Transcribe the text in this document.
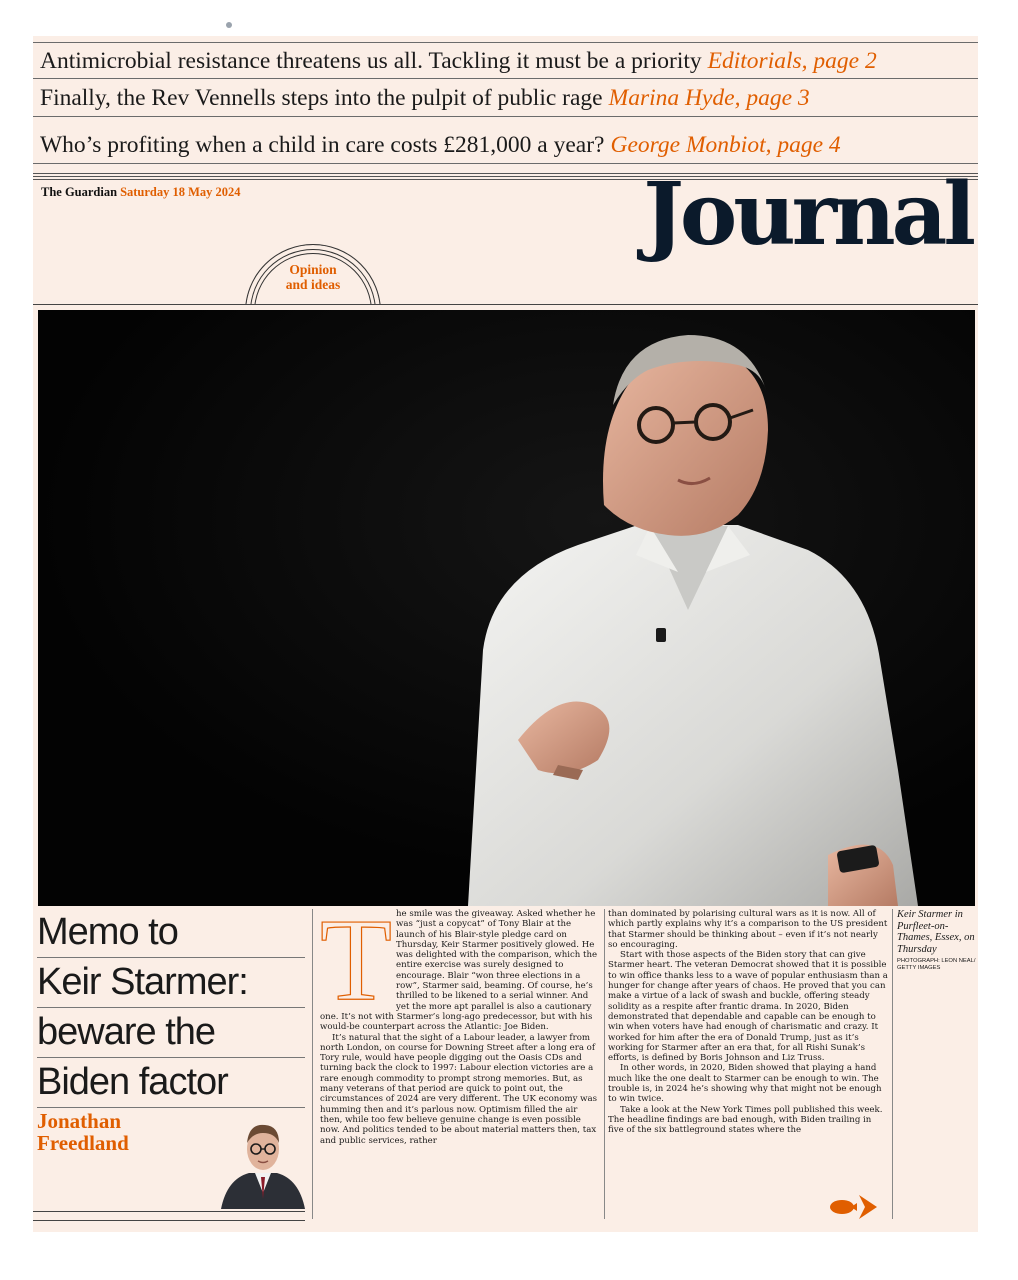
Antimicrobial resistance threatens us all. Tackling it must be a priority Editorials, page 2
Finally, the Rev Vennells steps into the pulpit of public rage Marina Hyde, page 3
Who’s profiting when a child in care costs £281,000 a year? George Monbiot, page 4
The Guardian Saturday 18 May 2024	Journal
Opinion
and ideas
Memo to
Keir Starmer:
beware the
Biden factor
Jonathan
Freedland
T he smile was the giveaway. Asked whether he was “just a copycat” of Tony Blair at the launch of his Blair-style pledge card on Thursday, Keir Starmer positively glowed. He was delighted with the comparison, which the entire exercise was surely designed to encourage. Blair “won three elections in a row”, Starmer said, beaming. Of course, he’s thrilled to be likened to a serial winner. And yet the more apt parallel is also a cautionary one. It’s not with Starmer’s long-ago predecessor, but with his would-be counterpart across the Atlantic: Joe Biden.

It’s natural that the sight of a Labour leader, a lawyer from north London, on course for Downing Street after a long era of Tory rule, would have people digging out the Oasis CDs and turning back the clock to 1997: Labour election victories are a rare enough commodity to prompt strong memories. But, as many veterans of that period are quick to point out, the circumstances of 2024 are very different. The UK economy was humming then and it’s parlous now. Optimism filled the air then, while too few believe genuine change is even possible now. And politics tended to be about material matters then, tax and public services, rather

than dominated by polarising cultural wars as it is now. All of which partly explains why it’s a comparison to the US president that Starmer should be thinking about – even if it’s not nearly so encouraging.

Start with those aspects of the Biden story that can give Starmer heart. The veteran Democrat showed that it is possible to win office thanks less to a wave of popular enthusiasm than a hunger for change after years of chaos. He proved that you can make a virtue of a lack of swash and buckle, offering steady solidity as a respite after frantic drama. In 2020, Biden demonstrated that dependable and capable can be enough to win when voters have had enough of charismatic and crazy. It worked for him after the era of Donald Trump, just as it’s working for Starmer after an era that, for all Rishi Sunak’s efforts, is defined by Boris Johnson and Liz Truss.

In other words, in 2020, Biden showed that playing a hand much like the one dealt to Starmer can be enough to win. The trouble is, in 2024 he’s showing why that might not be enough to win twice.

Take a look at the New York Times poll published this week. The headline findings are bad enough, with Biden trailing in five of the six battleground states where the

Keir Starmer in Purfleet-on-Thames, Essex, on Thursday
PHOTOGRAPH: LEON NEAL/ GETTY IMAGES
